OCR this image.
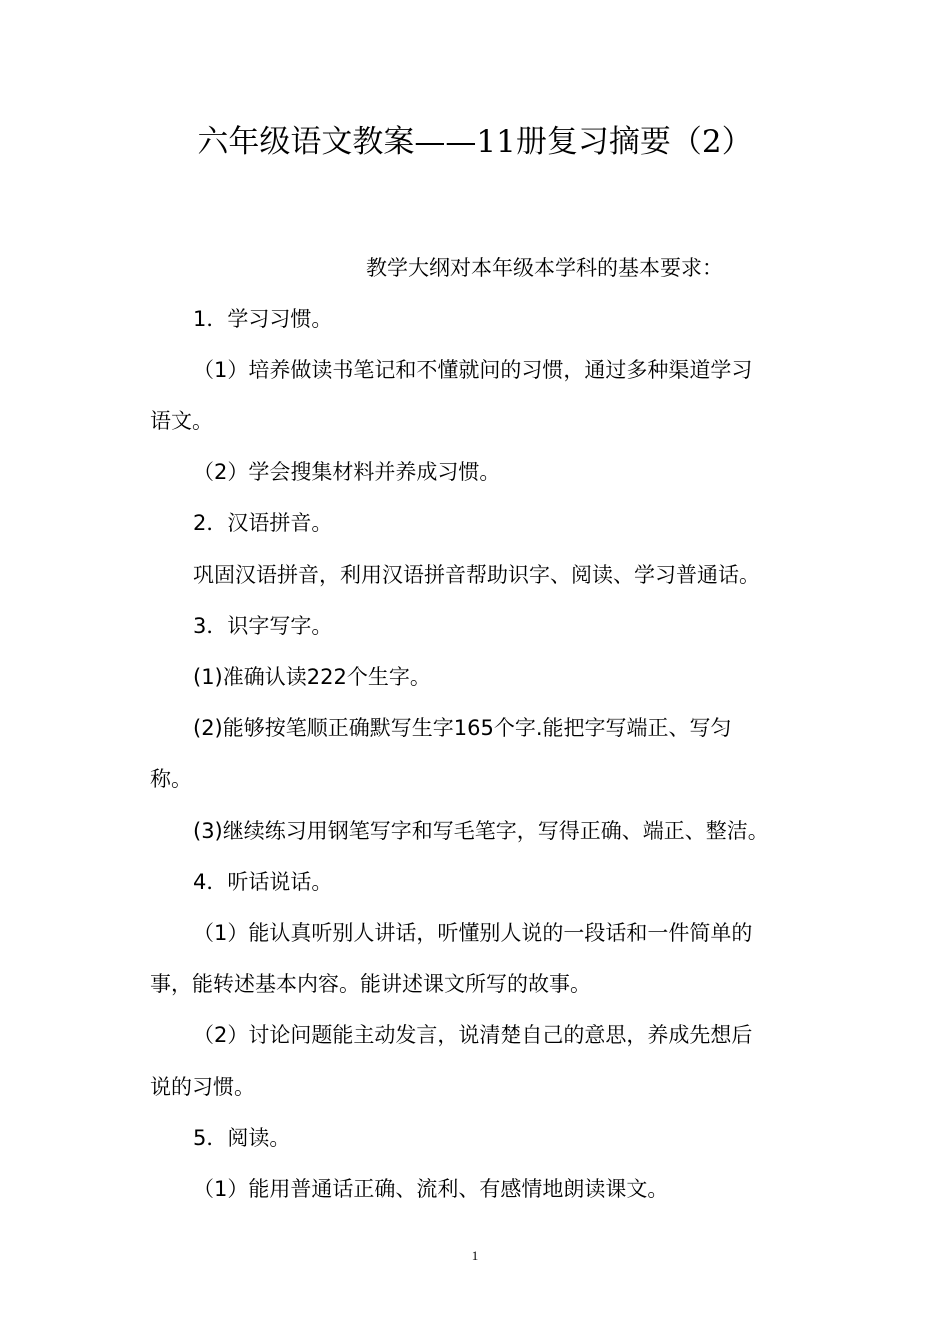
六年级语文教案——11册复习摘要（2）
教学大纲对本年级本学科的基本要求：
1．学习习惯。
（1）培养做读书笔记和不懂就问的习惯，通过多种渠道学习
语文。
（2）学会搜集材料并养成习惯。
2．汉语拼音。
巩固汉语拼音，利用汉语拼音帮助识字、阅读、学习普通话。
3．识字写字。
(1)准确认读222个生字。
(2)能够按笔顺正确默写生字165个字.能把字写端正、写匀
称。
(3)继续练习用钢笔写字和写毛笔字，写得正确、端正、整洁。
4．听话说话。
（1）能认真听别人讲话，听懂别人说的一段话和一件简单的
事，能转述基本内容。能讲述课文所写的故事。
（2）讨论问题能主动发言，说清楚自己的意思，养成先想后
说的习惯。
5．阅读。
（1）能用普通话正确、流利、有感情地朗读课文。
1
